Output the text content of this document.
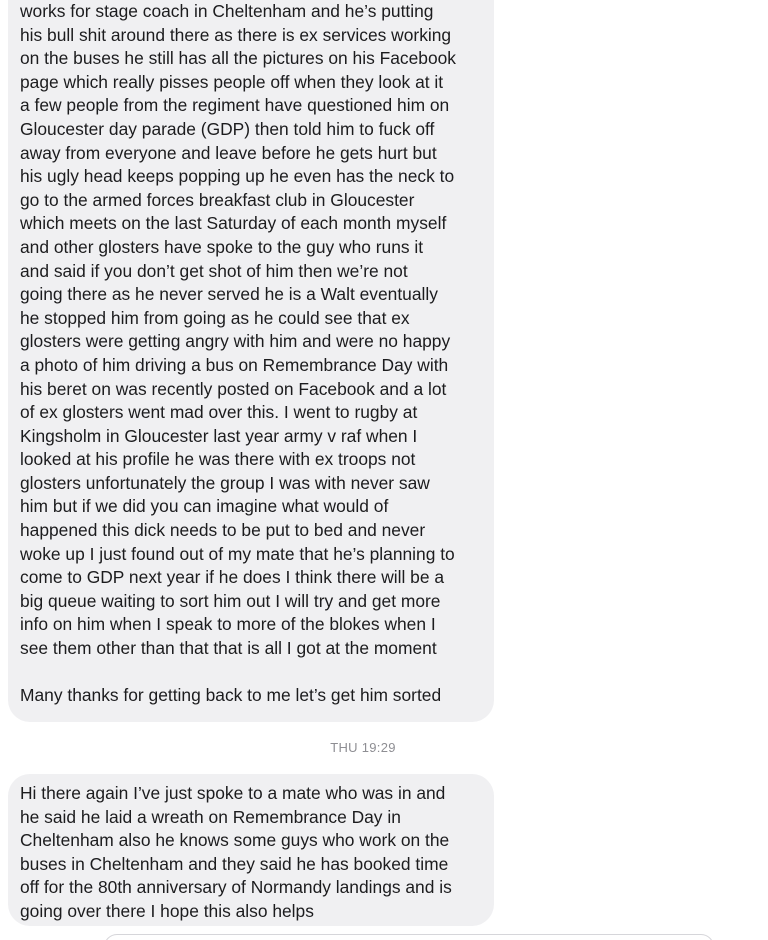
works for stage coach in Cheltenham and he’s putting
his bull shit around there as there is ex services working
on the buses he still has all the pictures on his Facebook
page which really pisses people off when they look at it
a few people from the regiment have questioned him on
Gloucester day parade (GDP) then told him to fuck off
away from everyone and leave before he gets hurt but
his ugly head keeps popping up he even has the neck to
go to the armed forces breakfast club in Gloucester
which meets on the last Saturday of each month myself
and other glosters have spoke to the guy who runs it
and said if you don’t get shot of him then we’re not
going there as he never served he is a Walt eventually
he stopped him from going as he could see that ex
glosters were getting angry with him and were no happy
a photo of him driving a bus on Remembrance Day with
his beret on was recently posted on Facebook and a lot
of ex glosters went mad over this. I went to rugby at
Kingsholm in Gloucester last year army v raf when I
looked at his profile he was there with ex troops not
glosters unfortunately the group I was with never saw
him but if we did you can imagine what would of
happened this dick needs to be put to bed and never
woke up I just found out of my mate that he’s planning to
come to GDP next year if he does I think there will be a
big queue waiting to sort him out I will try and get more
info on him when I speak to more of the blokes when I
see them other than that that is all I got at the moment
Many thanks for getting back to me let’s get him sorted
THU 19:29
Hi there again I’ve just spoke to a mate who was in and
he said he laid a wreath on Remembrance Day in
Cheltenham also he knows some guys who work on the
buses in Cheltenham and they said he has booked time
off for the 80th anniversary of Normandy landings and is
going over there I hope this also helps
